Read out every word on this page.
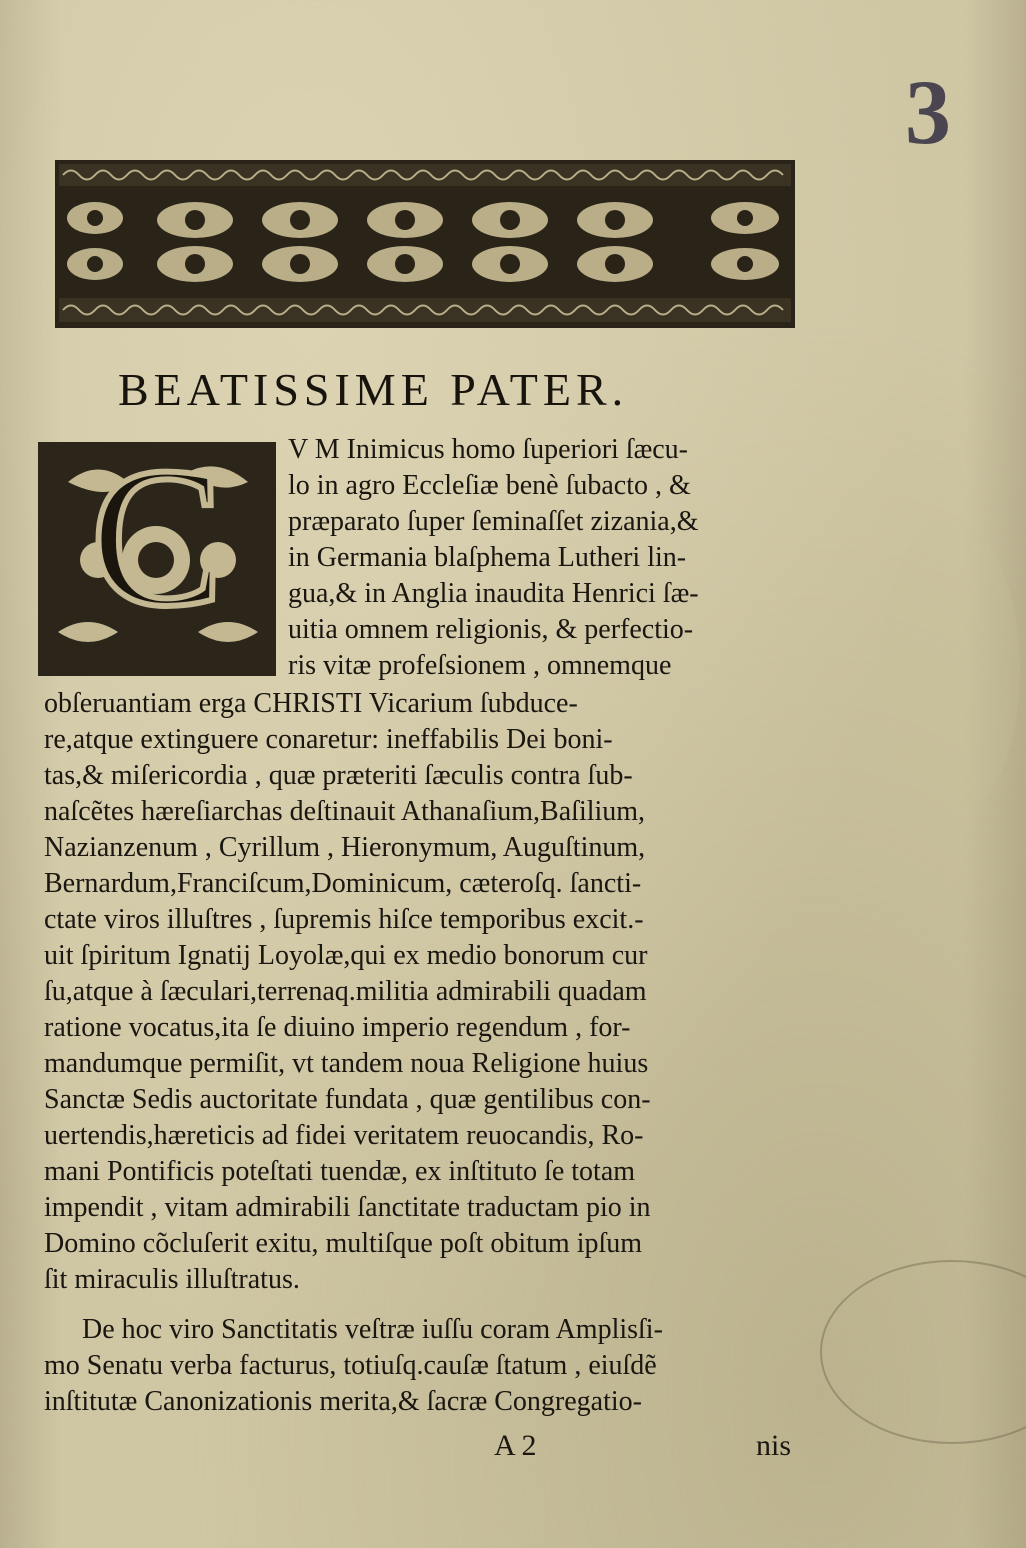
3
BEATISSIME PATER.
C V M Inimicus homo ſuperiori ſæcu-
lo in agro Eccleſiæ benè ſubacto , &
præparato ſuper ſeminaſſet zizania,&
in Germania blaſphema Lutheri lin-
gua,& in Anglia inaudita Henrici ſæ-
uitia omnem religionis, & perfectio-
ris vitæ profeſsionem , omnemque
obſeruantiam erga CHRISTI Vicarium ſubduce-
re,atque extinguere conaretur: ineffabilis Dei boni-
tas,& miſericordia , quæ præteriti ſæculis contra ſub-
naſcẽtes hæreſiarchas deſtinauit Athanaſium,Baſilium,
Nazianzenum , Cyrillum , Hieronymum, Auguſtinum,
Bernardum,Franciſcum,Dominicum, cæteroſq. ſancti-
ctate viros illuſtres , ſupremis hiſce temporibus excit.-
uit ſpiritum Ignatij Loyolæ,qui ex medio bonorum cur
ſu,atque à ſæculari,terrenaq.militia admirabili quadam
ratione vocatus,ita ſe diuino imperio regendum , for-
mandumque permiſit, vt tandem noua Religione huius
Sanctæ Sedis auctoritate fundata , quæ gentilibus con-
uertendis,hæreticis ad fidei veritatem reuocandis, Ro-
mani Pontificis poteſtati tuendæ, ex inſtituto ſe totam
impendit , vitam admirabili ſanctitate traductam pio in
Domino cõcluſerit exitu, multiſque poſt obitum ipſum
ſit miraculis illuſtratus.
De hoc viro Sanctitatis veſtræ iuſſu coram Amplisſi-
mo Senatu verba facturus, totiuſq.cauſæ ſtatum , eiuſdẽ
inſtitutæ Canonizationis merita,& ſacræ Congregatio-
A 2	nis
